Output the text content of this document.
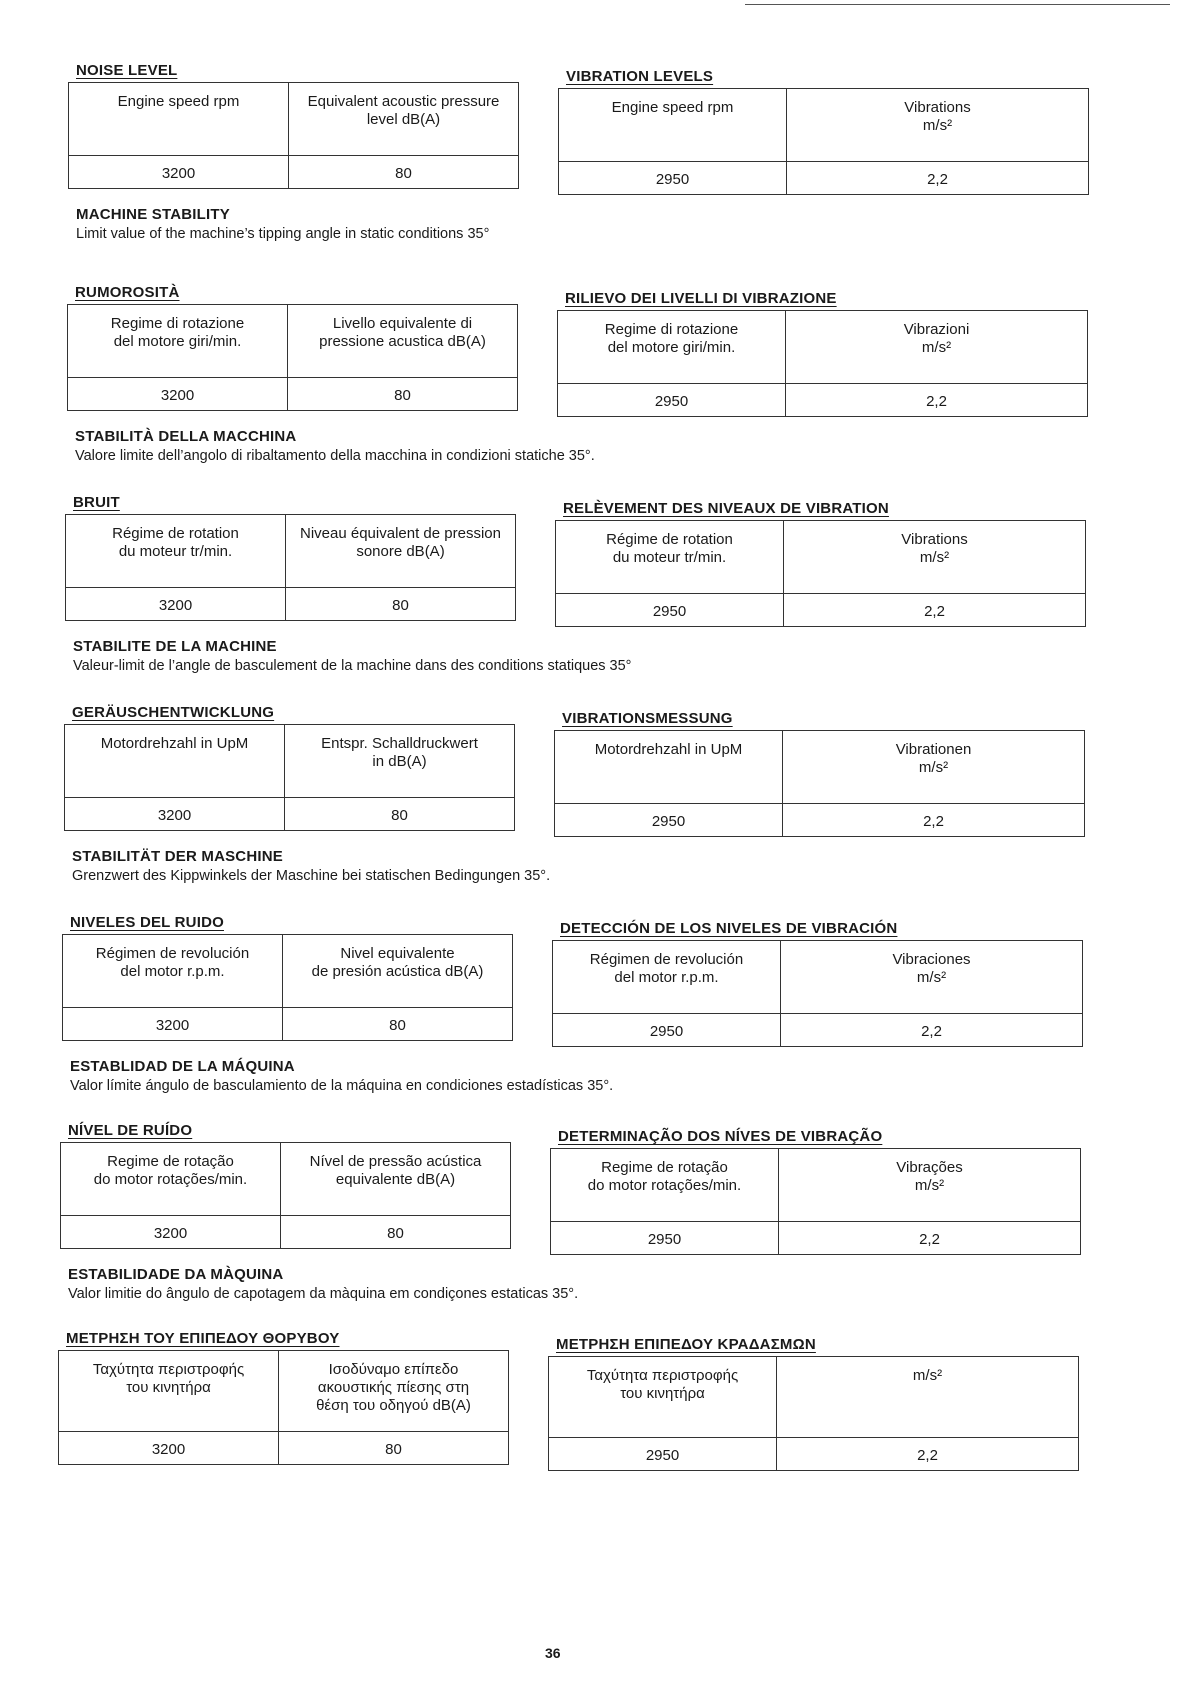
NOISE LEVEL
Engine speed rpm	Equivalent acoustic pressure
level dB(A)
3200	80
VIBRATION LEVELS
Engine speed rpm	Vibrations
m/s²
2950	2,2
MACHINE STABILITY
Limit value of the machine’s tipping angle in static conditions 35°
RUMOROSITÀ
Regime di rotazione
del motore giri/min.	Livello equivalente di
pressione acustica dB(A)
3200	80
RILIEVO DEI LIVELLI DI VIBRAZIONE
Regime di rotazione
del motore giri/min.	Vibrazioni
m/s²
2950	2,2
STABILITÀ DELLA MACCHINA
Valore limite dell’angolo di ribaltamento della macchina in condizioni statiche 35°.
BRUIT
Régime de rotation
du moteur tr/min.	Niveau équivalent de pression
sonore dB(A)
3200	80
RELÈVEMENT DES NIVEAUX DE VIBRATION
Régime de rotation
du moteur tr/min.	Vibrations
m/s²
2950	2,2
STABILITE DE LA MACHINE
Valeur-limit de l’angle de basculement de la machine dans des conditions statiques 35°
GERÄUSCHENTWICKLUNG
Motordrehzahl in UpM	Entspr. Schalldruckwert
in dB(A)
3200	80
VIBRATIONSMESSUNG
Motordrehzahl in UpM	Vibrationen
m/s²
2950	2,2
STABILITÄT DER MASCHINE
Grenzwert des Kippwinkels der Maschine bei statischen Bedingungen 35°.
NIVELES DEL RUIDO
Régimen de revolución
del motor r.p.m.	Nivel equivalente
de presión acústica dB(A)
3200	80
DETECCIÓN DE LOS NIVELES DE VIBRACIÓN
Régimen de revolución
del motor r.p.m.	Vibraciones
m/s²
2950	2,2
ESTABLIDAD DE LA MÁQUINA
Valor límite ángulo de basculamiento de la máquina en condiciones estadísticas 35°.
NÍVEL DE RUÍDO
Regime de rotação
do motor rotações/min.	Nível de pressão acústica
equivalente dB(A)
3200	80
DETERMINAÇÃO DOS NÍVES DE VIBRAÇÃO
Regime de rotação
do motor rotações/min.	Vibrações
m/s²
2950	2,2
ESTABILIDADE DA MÀQUINA
Valor limitie do ângulo de capotagem da màquina em condiçones estaticas 35°.
ΜΕΤΡΗΣΗ ΤΟΥ ΕΠΙΠΕΔΟΥ ΘΟΡΥΒΟΥ
Ταχύτητα περιστροφής
του κινητήρα	Ισοδύναμο επίπεδο
ακουστικής πίεσης στη
θέση του οδηγού dB(A)
3200	80
ΜΕΤΡΗΣΗ ΕΠΙΠΕΔΟΥ ΚΡΑΔΑΣΜΩΝ
Ταχύτητα περιστροφής
του κινητήρα	m/s²
2950	2,2
36
